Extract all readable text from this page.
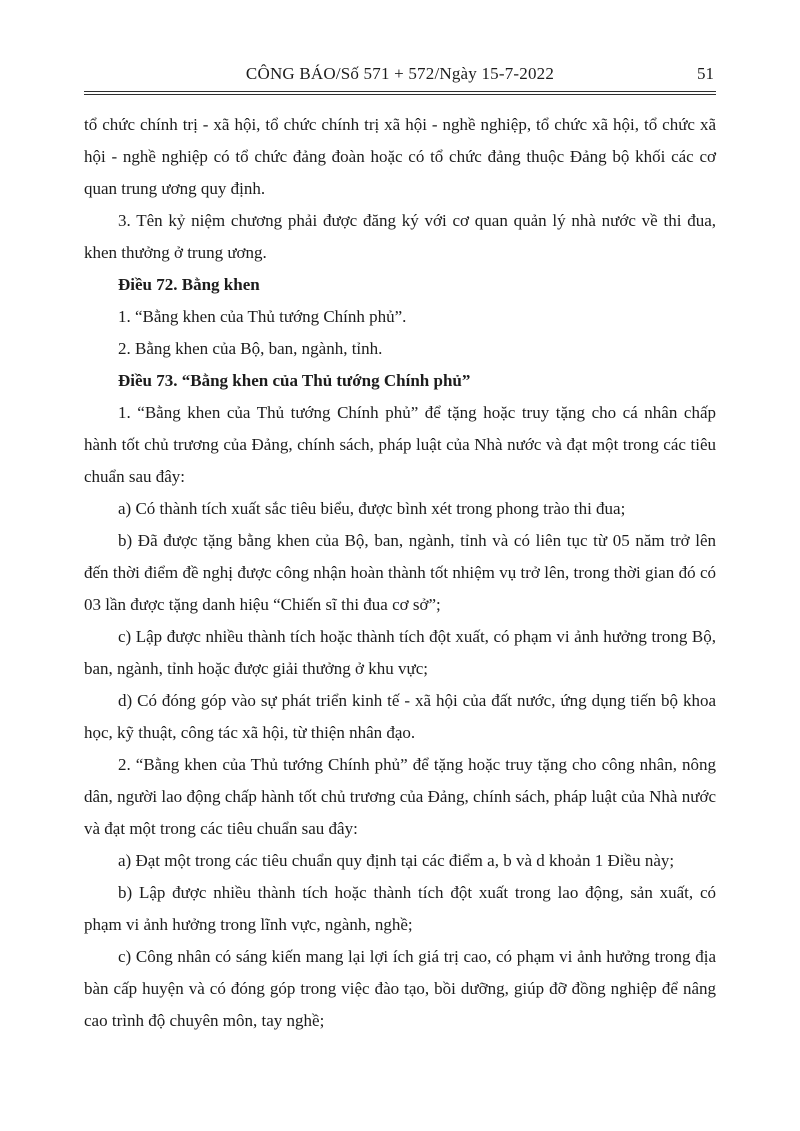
CÔNG BÁO/Số 571 + 572/Ngày 15-7-2022	51

tổ chức chính trị - xã hội, tổ chức chính trị xã hội - nghề nghiệp, tổ chức xã hội, tổ chức xã hội - nghề nghiệp có tổ chức đảng đoàn hoặc có tổ chức đảng thuộc Đảng bộ khối các cơ quan trung ương quy định.

3. Tên kỷ niệm chương phải được đăng ký với cơ quan quản lý nhà nước về thi đua, khen thưởng ở trung ương.

Điều 72. Bằng khen

1. “Bằng khen của Thủ tướng Chính phủ”.

2. Bằng khen của Bộ, ban, ngành, tỉnh.

Điều 73. “Bằng khen của Thủ tướng Chính phủ”

1. “Bằng khen của Thủ tướng Chính phủ” để tặng hoặc truy tặng cho cá nhân chấp hành tốt chủ trương của Đảng, chính sách, pháp luật của Nhà nước và đạt một trong các tiêu chuẩn sau đây:

a) Có thành tích xuất sắc tiêu biểu, được bình xét trong phong trào thi đua;

b) Đã được tặng bằng khen của Bộ, ban, ngành, tỉnh và có liên tục từ 05 năm trở lên đến thời điểm đề nghị được công nhận hoàn thành tốt nhiệm vụ trở lên, trong thời gian đó có 03 lần được tặng danh hiệu “Chiến sĩ thi đua cơ sở”;

c) Lập được nhiều thành tích hoặc thành tích đột xuất, có phạm vi ảnh hưởng trong Bộ, ban, ngành, tỉnh hoặc được giải thưởng ở khu vực;

d) Có đóng góp vào sự phát triển kinh tế - xã hội của đất nước, ứng dụng tiến bộ khoa học, kỹ thuật, công tác xã hội, từ thiện nhân đạo.

2. “Bằng khen của Thủ tướng Chính phủ” để tặng hoặc truy tặng cho công nhân, nông dân, người lao động chấp hành tốt chủ trương của Đảng, chính sách, pháp luật của Nhà nước và đạt một trong các tiêu chuẩn sau đây:

a) Đạt một trong các tiêu chuẩn quy định tại các điểm a, b và d khoản 1 Điều này;

b) Lập được nhiều thành tích hoặc thành tích đột xuất trong lao động, sản xuất, có phạm vi ảnh hưởng trong lĩnh vực, ngành, nghề;

c) Công nhân có sáng kiến mang lại lợi ích giá trị cao, có phạm vi ảnh hưởng trong địa bàn cấp huyện và có đóng góp trong việc đào tạo, bồi dưỡng, giúp đỡ đồng nghiệp để nâng cao trình độ chuyên môn, tay nghề;
